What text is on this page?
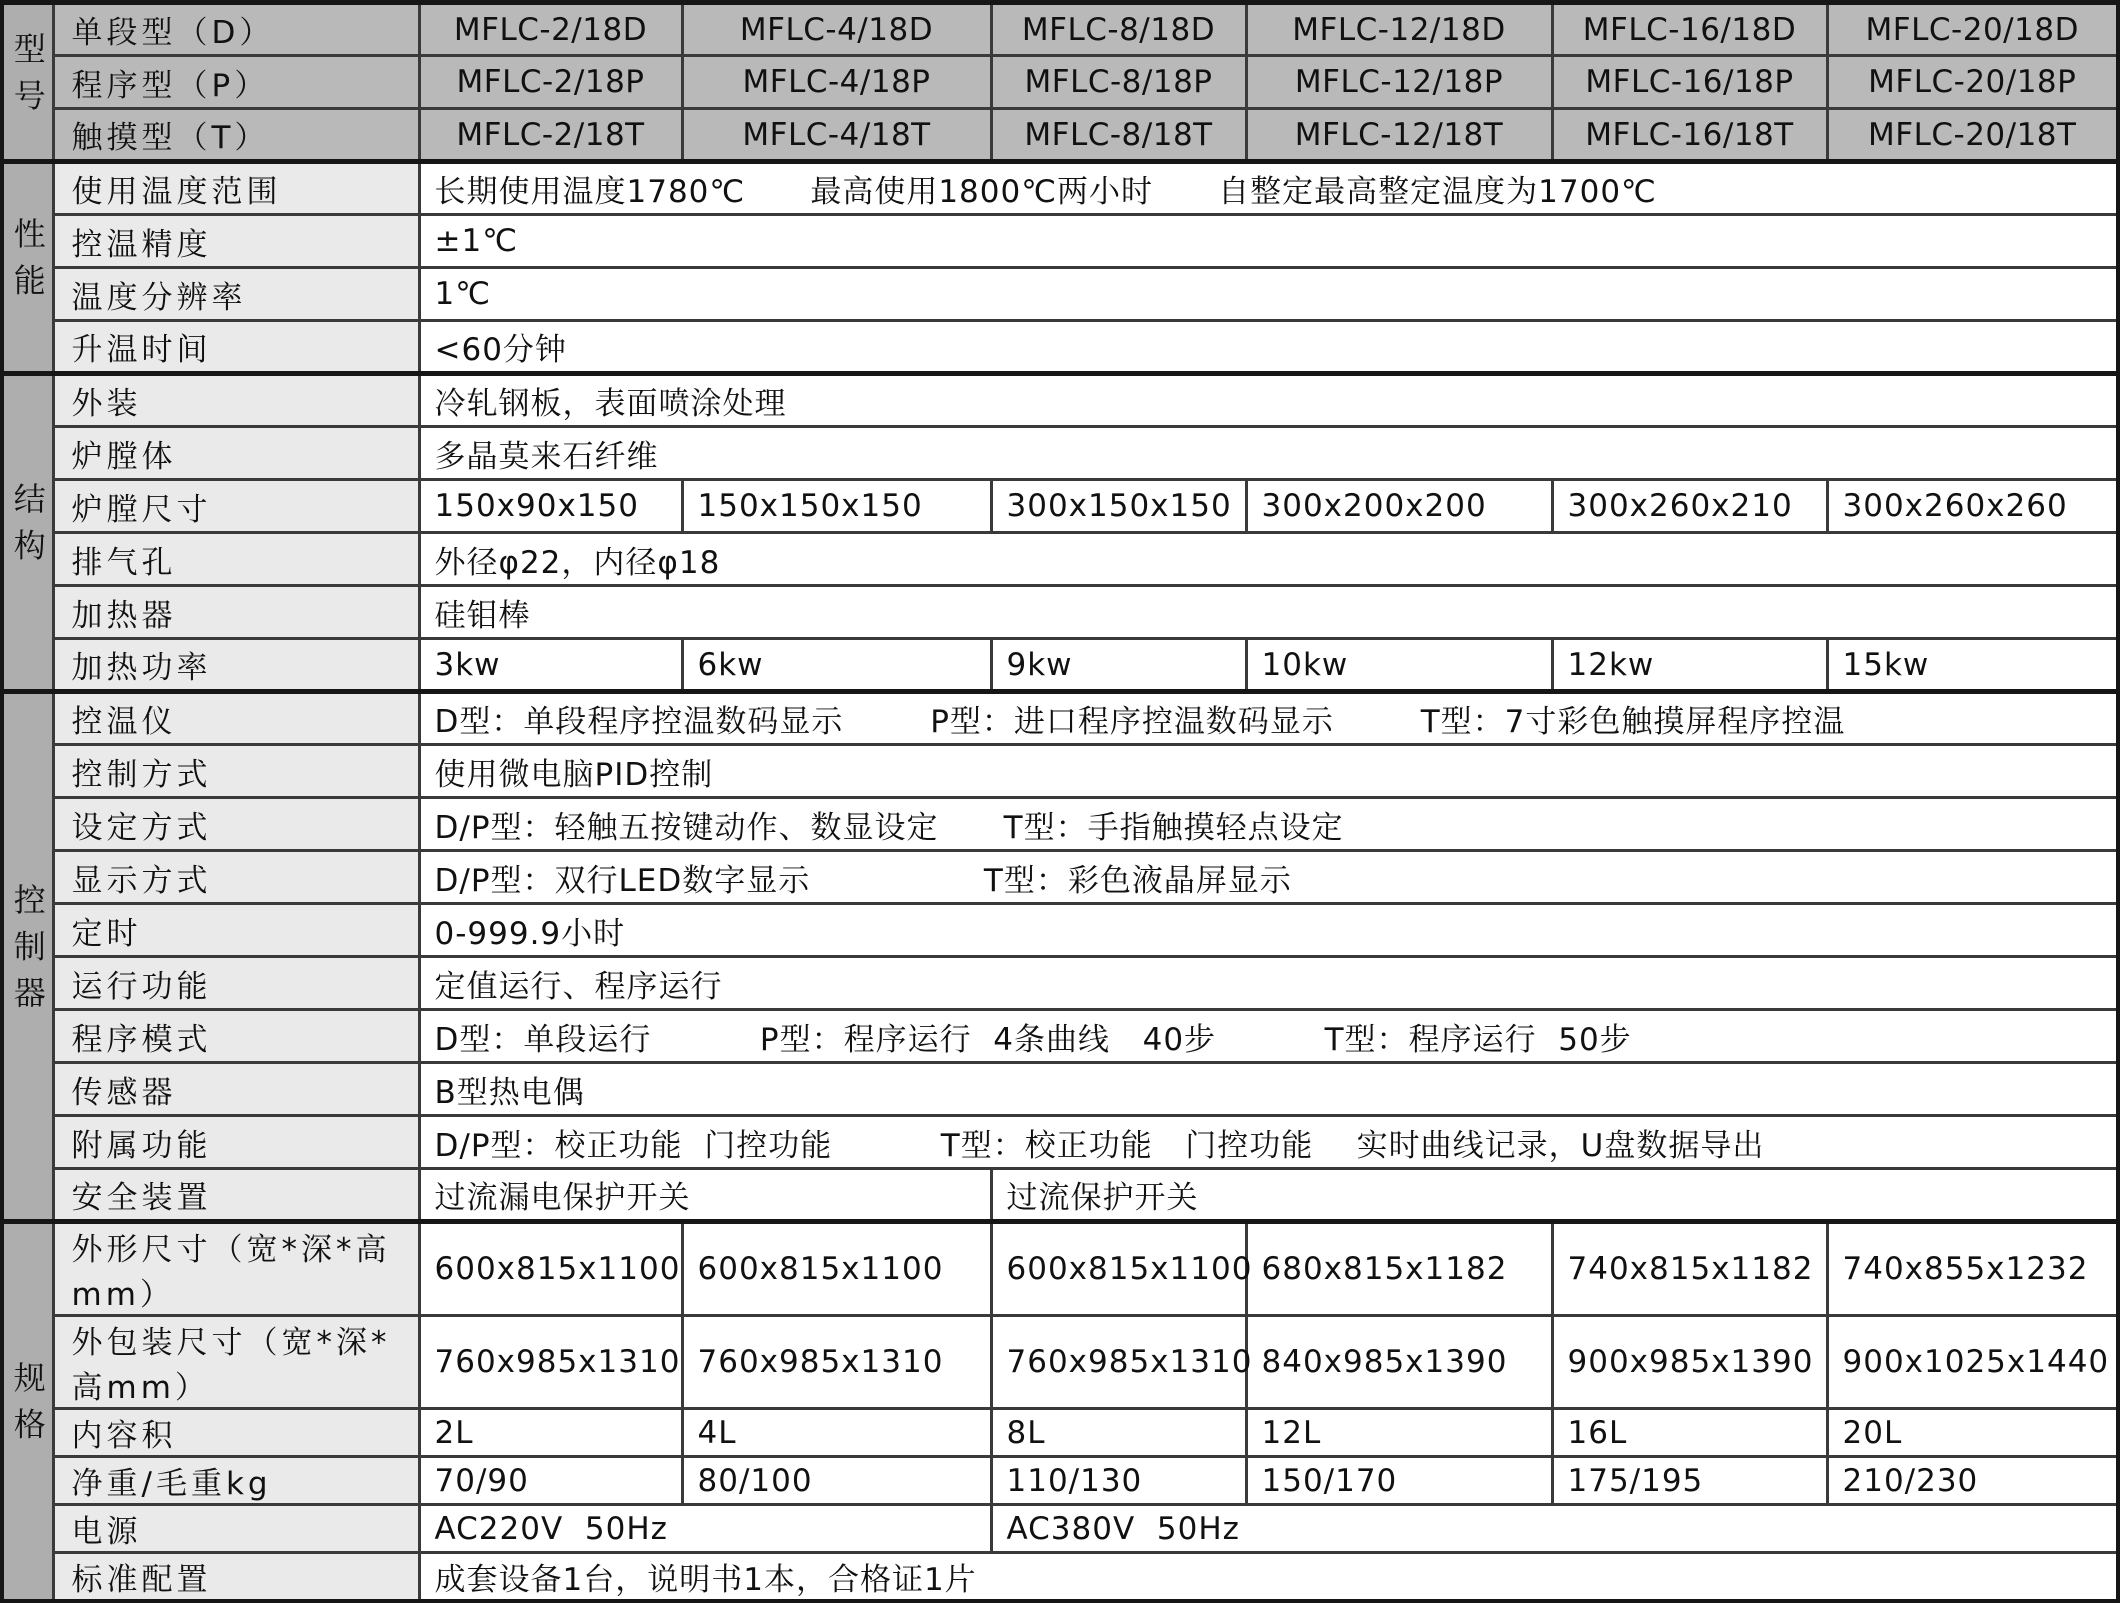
型号	单段型（D）	MFLC-2/18D	MFLC-4/18D	MFLC-8/18D	MFLC-12/18D	MFLC-16/18D	MFLC-20/18D
	程序型（P）	MFLC-2/18P	MFLC-4/18P	MFLC-8/18P	MFLC-12/18P	MFLC-16/18P	MFLC-20/18P
	触摸型（T）	MFLC-2/18T	MFLC-4/18T	MFLC-8/18T	MFLC-12/18T	MFLC-16/18T	MFLC-20/18T
性能	使用温度范围	长期使用温度1780℃      最高使用1800℃两小时      自整定最高整定温度为1700℃					
	控温精度	±1℃					
	温度分辨率	1℃					
	升温时间	<60分钟					
结构	外装	冷轧钢板，表面喷涂处理					
	炉膛体	多晶莫来石纤维					
	炉膛尺寸	150x90x150	150x150x150	300x150x150	300x200x200	300x260x210	300x260x260
	排气孔	外径φ22，内径φ18					
	加热器	硅钼棒					
	加热功率	3kw	6kw	9kw	10kw	12kw	15kw
控制器	控温仪	D型：单段程序控温数码显示        P型：进口程序控温数码显示        T型：7寸彩色触摸屏程序控温					
	控制方式	使用微电脑PID控制					
	设定方式	D/P型：轻触五按键动作、数显设定      T型：手指触摸轻点设定					
	显示方式	D/P型：双行LED数字显示                T型：彩色液晶屏显示					
	定时	0-999.9小时					
	运行功能	定值运行、程序运行					
	程序模式	D型：单段运行          P型：程序运行  4条曲线   40步          T型：程序运行  50步					
	传感器	B型热电偶					
	附属功能	D/P型：校正功能  门控功能          T型：校正功能   门控功能    实时曲线记录，U盘数据导出					
	安全装置	过流漏电保护开关		过流保护开关			
规格	外形尺寸（宽*深*高mm）	600x815x1100	600x815x1100	600x815x1100	680x815x1182	740x815x1182	740x855x1232
	外包装尺寸（宽*深*高mm）	760x985x1310	760x985x1310	760x985x1310	840x985x1390	900x985x1390	900x1025x1440
	内容积	2L	4L	8L	12L	16L	20L
	净重/毛重kg	70/90	80/100	110/130	150/170	175/195	210/230
	电源	AC220V  50Hz		AC380V  50Hz			
	标准配置	成套设备1台，说明书1本，合格证1片					
